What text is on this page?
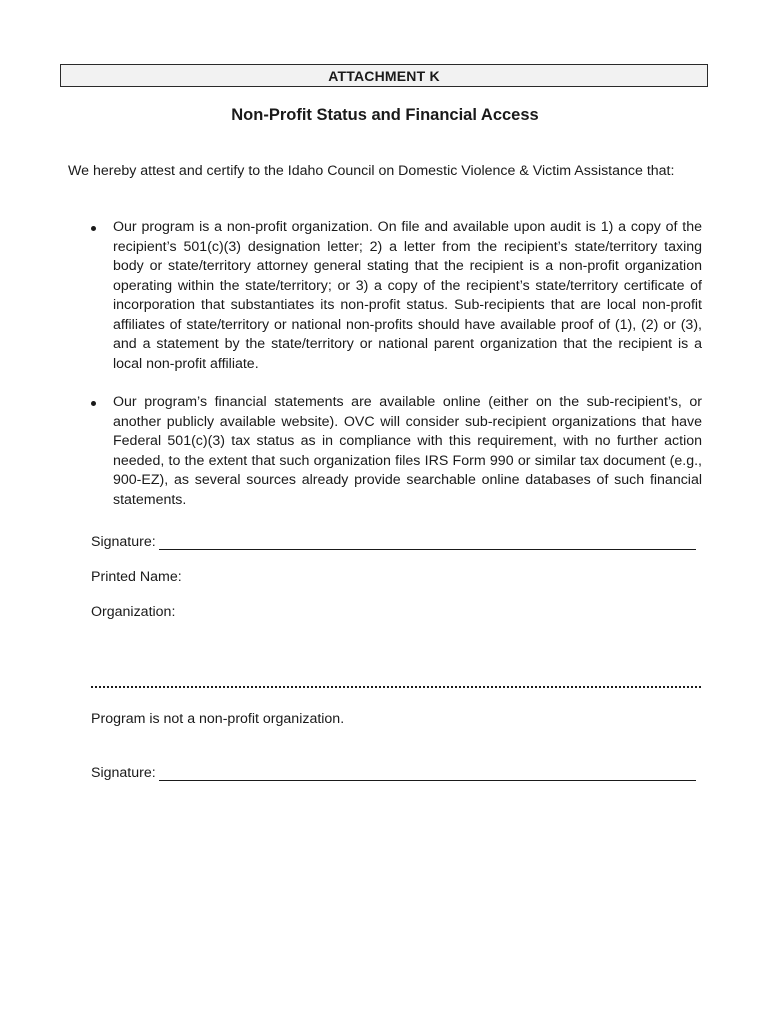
ATTACHMENT K
Non-Profit Status and Financial Access
We hereby attest and certify to the Idaho Council on Domestic Violence & Victim Assistance that:
Our program is a non-profit organization. On file and available upon audit is 1) a copy of the recipient’s 501(c)(3) designation letter; 2) a letter from the recipient’s state/territory taxing body or state/territory attorney general stating that the recipient is a non-profit organization operating within the state/territory; or 3) a copy of the recipient’s state/territory certificate of incorporation that substantiates its non-profit status. Sub-recipients that are local non-profit affiliates of state/territory or national non-profits should have available proof of (1), (2) or (3), and a statement by the state/territory or national parent organization that the recipient is a local non-profit affiliate.
Our program’s financial statements are available online (either on the sub-recipient’s, or another publicly available website). OVC will consider sub-recipient organizations that have Federal 501(c)(3) tax status as in compliance with this requirement, with no further action needed, to the extent that such organization files IRS Form 990 or similar tax document (e.g., 900-EZ), as several sources already provide searchable online databases of such financial statements.
Signature:
Printed Name:
Organization:
Program is not a non-profit organization.
Signature:
